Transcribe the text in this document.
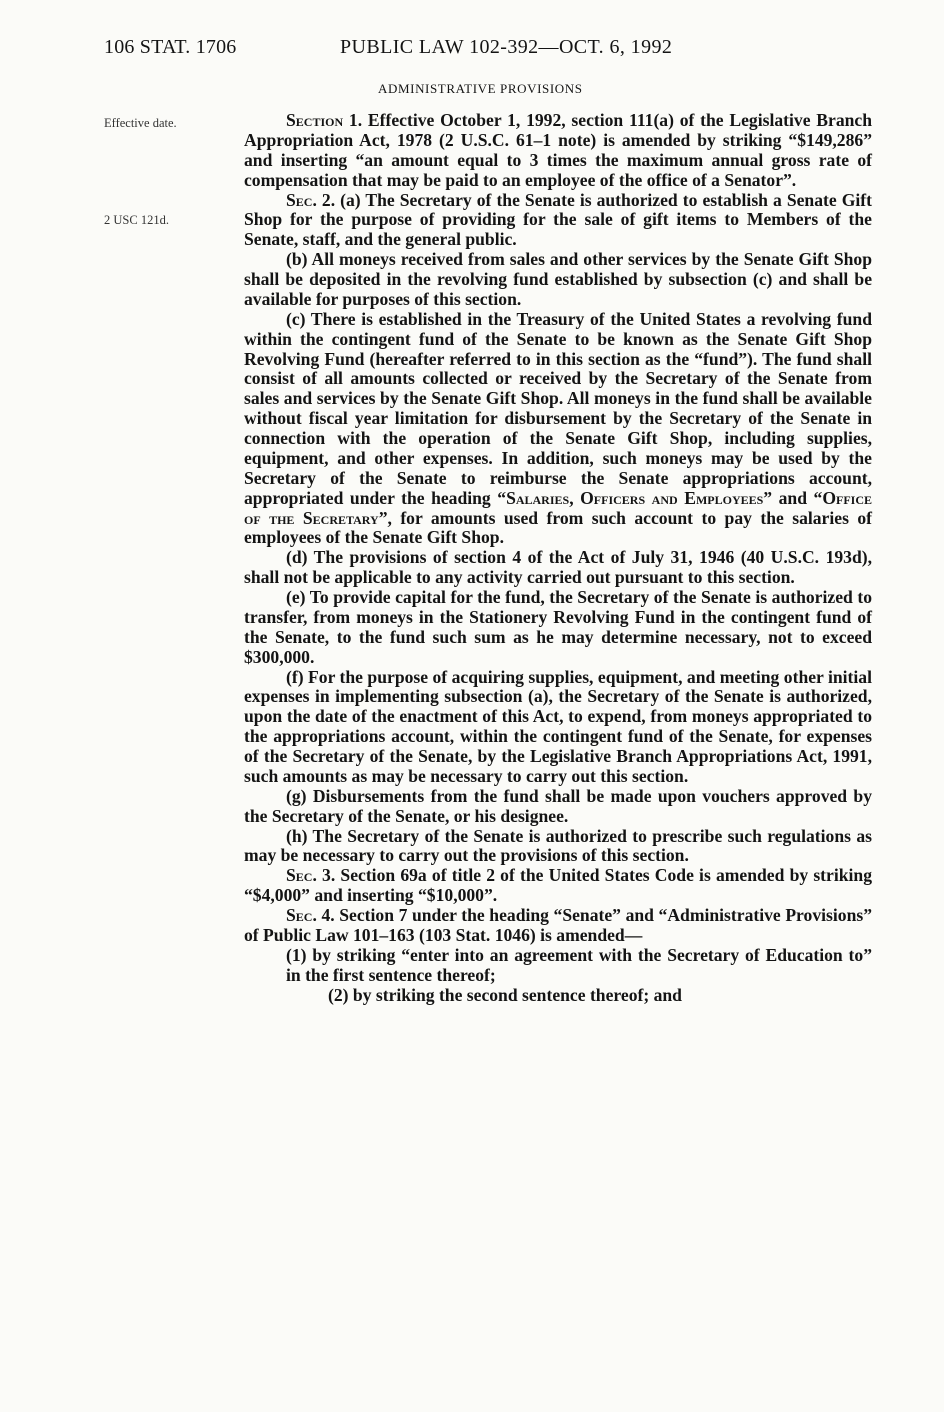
106 STAT. 1706	PUBLIC LAW 102-392—OCT. 6, 1992
ADMINISTRATIVE PROVISIONS
Effective date.
2 USC 121d.

Section 1. Effective October 1, 1992, section 111(a) of the Legislative Branch Appropriation Act, 1978 (2 U.S.C. 61–1 note) is amended by striking “$149,286” and inserting “an amount equal to 3 times the maximum annual gross rate of compensation that may be paid to an employee of the office of a Senator”.

Sec. 2. (a) The Secretary of the Senate is authorized to establish a Senate Gift Shop for the purpose of providing for the sale of gift items to Members of the Senate, staff, and the general public.

(b) All moneys received from sales and other services by the Senate Gift Shop shall be deposited in the revolving fund established by subsection (c) and shall be available for purposes of this section.

(c) There is established in the Treasury of the United States a revolving fund within the contingent fund of the Senate to be known as the Senate Gift Shop Revolving Fund (hereafter referred to in this section as the “fund”). The fund shall consist of all amounts collected or received by the Secretary of the Senate from sales and services by the Senate Gift Shop. All moneys in the fund shall be available without fiscal year limitation for disbursement by the Secretary of the Senate in connection with the operation of the Senate Gift Shop, including supplies, equipment, and other expenses. In addition, such moneys may be used by the Secretary of the Senate to reimburse the Senate appropriations account, appropriated under the heading “Salaries, Officers and Employees” and “Office of the Secretary”, for amounts used from such account to pay the salaries of employees of the Senate Gift Shop.

(d) The provisions of section 4 of the Act of July 31, 1946 (40 U.S.C. 193d), shall not be applicable to any activity carried out pursuant to this section.

(e) To provide capital for the fund, the Secretary of the Senate is authorized to transfer, from moneys in the Stationery Revolving Fund in the contingent fund of the Senate, to the fund such sum as he may determine necessary, not to exceed $300,000.

(f) For the purpose of acquiring supplies, equipment, and meeting other initial expenses in implementing subsection (a), the Secretary of the Senate is authorized, upon the date of the enactment of this Act, to expend, from moneys appropriated to the appropriations account, within the contingent fund of the Senate, for expenses of the Secretary of the Senate, by the Legislative Branch Appropriations Act, 1991, such amounts as may be necessary to carry out this section.

(g) Disbursements from the fund shall be made upon vouchers approved by the Secretary of the Senate, or his designee.

(h) The Secretary of the Senate is authorized to prescribe such regulations as may be necessary to carry out the provisions of this section.

Sec. 3. Section 69a of title 2 of the United States Code is amended by striking “$4,000” and inserting “$10,000”.

Sec. 4. Section 7 under the heading “Senate” and “Administrative Provisions” of Public Law 101–163 (103 Stat. 1046) is amended—

(1) by striking “enter into an agreement with the Secretary of Education to” in the first sentence thereof;

(2) by striking the second sentence thereof; and
